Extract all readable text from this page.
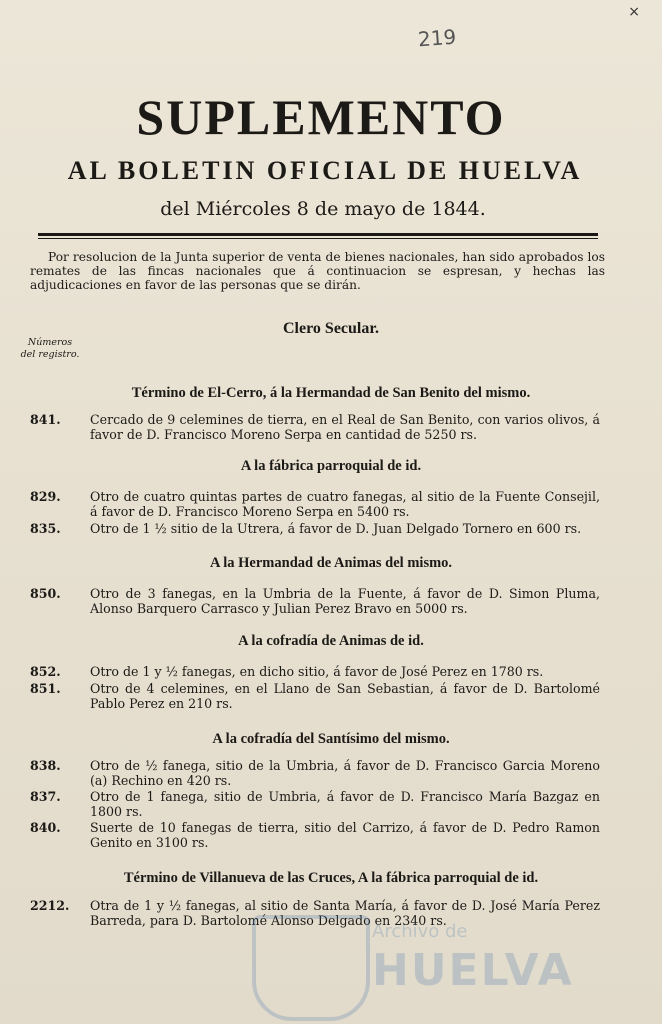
×
219
SUPLEMENTO
AL BOLETIN OFICIAL DE HUELVA
del Miércoles 8 de mayo de 1844.
Por resolucion de la Junta superior de venta de bienes nacionales, han sido aprobados los remates de las fincas nacionales que á continuacion se espresan, y hechas las adjudicaciones en favor de las personas que se dirán.
Clero Secular.
Números del registro.
Término de El-Cerro, á la Hermandad de San Benito del mismo.
841.	Cercado de 9 celemines de tierra, en el Real de San Benito, con varios olivos, á favor de D. Francisco Moreno Serpa en cantidad de 5250 rs.
A la fábrica parroquial de id.
829.	Otro de cuatro quintas partes de cuatro fanegas, al sitio de la Fuente Consejil, á favor de D. Francisco Moreno Serpa en 5400 rs.
835.	Otro de 1 ½ sitio de la Utrera, á favor de D. Juan Delgado Tornero en 600 rs.
A la Hermandad de Animas del mismo.
850.	Otro de 3 fanegas, en la Umbria de la Fuente, á favor de D. Simon Pluma, Alonso Barquero Carrasco y Julian Perez Bravo en 5000 rs.
A la cofradía de Animas de id.
852.	Otro de 1 y ½ fanegas, en dicho sitio, á favor de José Perez en 1780 rs.
851.	Otro de 4 celemines, en el Llano de San Sebastian, á favor de D. Bartolomé Pablo Perez en 210 rs.
A la cofradía del Santísimo del mismo.
838.	Otro de ½ fanega, sitio de la Umbria, á favor de D. Francisco Garcia Moreno (a) Rechino en 420 rs.
837.	Otro de 1 fanega, sitio de Umbria, á favor de D. Francisco María Bazgaz en 1800 rs.
840.	Suerte de 10 fanegas de tierra, sitio del Carrizo, á favor de D. Pedro Ramon Genito en 3100 rs.
Término de Villanueva de las Cruces, A la fábrica parroquial de id.
2212.	Otra de 1 y ½ fanegas, al sitio de Santa María, á favor de D. José María Perez Barreda, para D. Bartolomé Alonso Delgado en 2340 rs.
Archivo de
HUELVA
